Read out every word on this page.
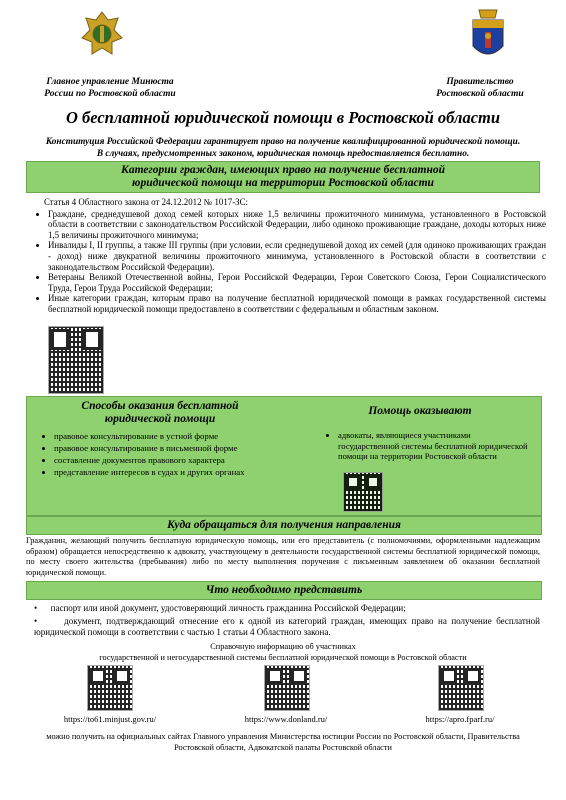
Главное управление Минюста
России по Ростовской области
Правительство
Ростовской области
О бесплатной юридической помощи в Ростовской области
Конституция Российской Федерации гарантирует право на получение квалифицированной юридической помощи.
В случаях, предусмотренных законом, юридическая помощь предоставляется бесплатно.
Категории граждан, имеющих право на получение бесплатной
юридической помощи на территории Ростовской области
Статья 4 Областного закона от 24.12.2012 № 1017-ЗС:
• Граждане, среднедушевой доход семей которых ниже 1,5 величины прожиточного минимума, установленного в Ростовской области в соответствии с законодательством Российской Федерации, либо одиноко проживающие граждане, доходы которых ниже 1,5 величины прожиточного минимума;
• Инвалиды I, II группы, а также III группы (при условии, если среднедушевой доход их семей (для одиноко проживающих граждан - доход) ниже двукратной величины прожиточного минимума, установленного в Ростовской области в соответствии с законодательством Российской Федерации).
• Ветераны Великой Отечественной войны, Герои Российской Федерации, Герои Советского Союза, Герои Социалистического Труда, Герои Труда Российской Федерации;
• Иные категории граждан, которым право на получение бесплатной юридической помощи в рамках государственной системы бесплатной юридической помощи предоставлено в соответствии с федеральным и областным законом.
Способы оказания бесплатной
юридической помощи
• правовое консультирование в устной форме
• правовое консультирование в письменной форме
• составление документов правового характера
• представление интересов в судах и других органах
Помощь оказывают
• адвокаты, являющиеся участниками государственной системы бесплатной юридической помощи на территории Ростовской области
Куда обращаться для получения направления
Гражданин, желающий получить бесплатную юридическую помощь, или его представитель (с полномочиями, оформленными надлежащим образом) обращается непосредственно к адвокату, участвующему в деятельности государственной системы бесплатной юридической помощи, по месту своего жительства (пребывания) либо по месту выполнения поручения с письменным заявлением об оказании бесплатной юридической помощи.
Что необходимо представить
•      паспорт или иной документ, удостоверяющий личность гражданина Российской Федерации;
•      документ, подтверждающий отнесение его к одной из категорий граждан, имеющих право на получение бесплатной юридической помощи в соответствии с частью 1 статьи 4 Областного закона.
Справочную информацию об участниках
государственной и негосударственной системы бесплатной юридической помощи в Ростовской области
https://to61.minjust.gov.ru/	https://www.donland.ru/	https://apro.fparf.ru/
можно получить на официальных сайтах Главного управления Министерства юстиции России по Ростовской области, Правительства
Ростовской области, Адвокатской палаты Ростовской области
